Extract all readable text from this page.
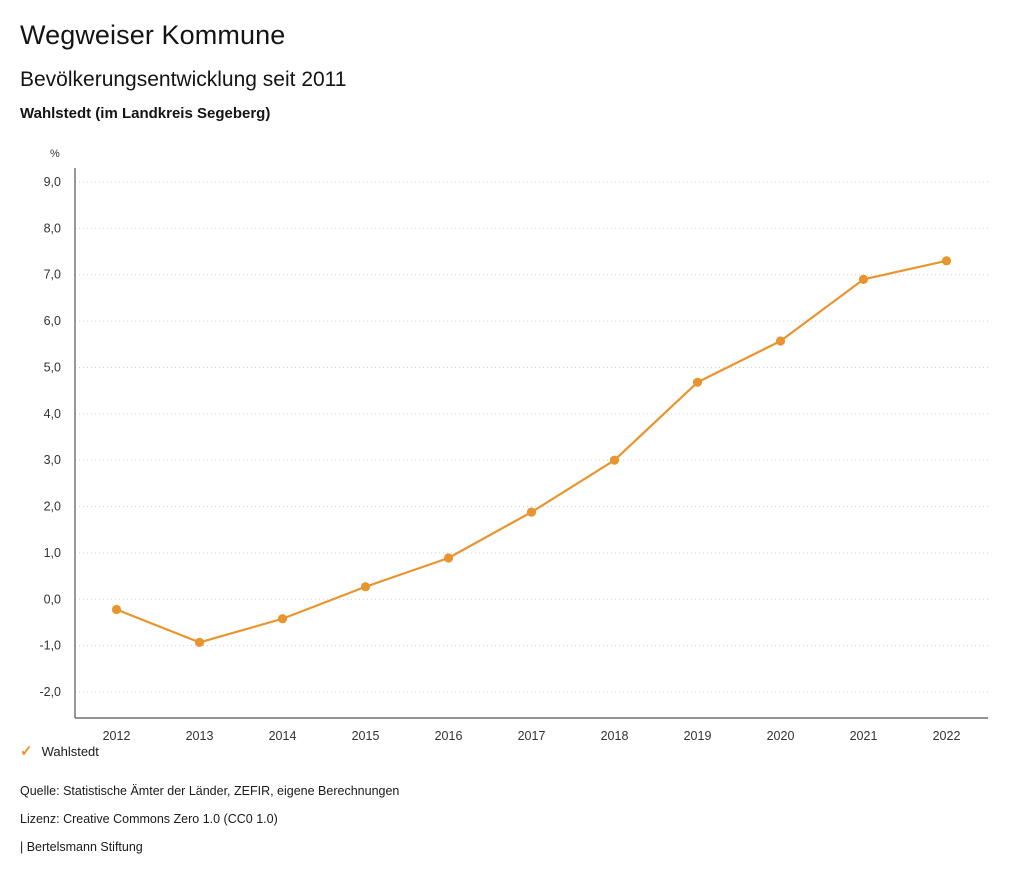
Wegweiser Kommune
Bevölkerungsentwicklung seit 2011
Wahlstedt (im Landkreis Segeberg)
%
9,0
8,0
7,0
6,0
5,0
4,0
3,0
2,0
1,0
0,0
-1,0
-2,0
2012	2013	2014	2015	2016	2017	2018	2019	2020	2021	2022
✓ Wahlstedt
Quelle: Statistische Ämter der Länder, ZEFIR, eigene Berechnungen
Lizenz: Creative Commons Zero 1.0 (CC0 1.0)
| Bertelsmann Stiftung
